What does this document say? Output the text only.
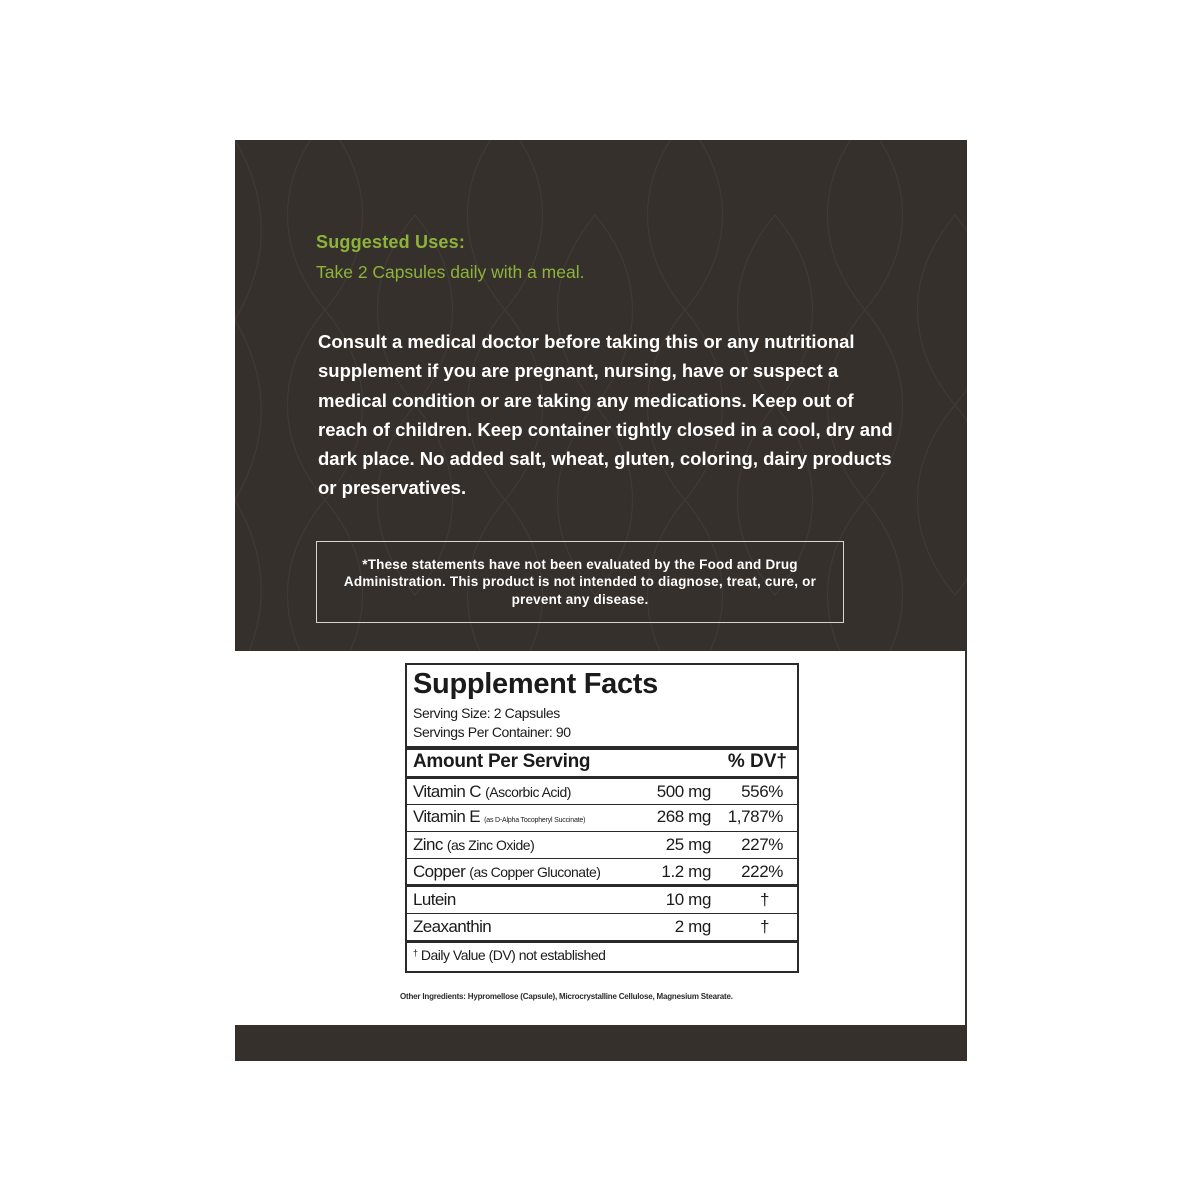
Suggested Uses:

Take 2 Capsules daily with a meal.

Consult a medical doctor before taking this or any nutritional supplement if you are pregnant, nursing, have or suspect a medical condition or are taking any medications. Keep out of reach of children. Keep container tightly closed in a cool, dry and dark place. No added salt, wheat, gluten, coloring, dairy products or preservatives.

*These statements have not been evaluated by the Food and Drug Administration. This product is not intended to diagnose, treat, cure, or prevent any disease.

Supplement Facts

Serving Size: 2 Capsules

Servings Per Container: 90

Amount Per Serving	% DV†

Vitamin C (Ascorbic Acid)	500 mg 556%
Vitamin E (as D-Alpha Tocopheryl Succinate)	268 mg 1,787%
Zinc (as Zinc Oxide)	25 mg 227%
Copper (as Copper Gluconate)	1.2 mg 222%
Lutein	10 mg	†
Zeaxanthin	2 mg	†

† Daily Value (DV) not established

Other Ingredients: Hypromellose (Capsule), Microcrystalline Cellulose, Magnesium Stearate.
